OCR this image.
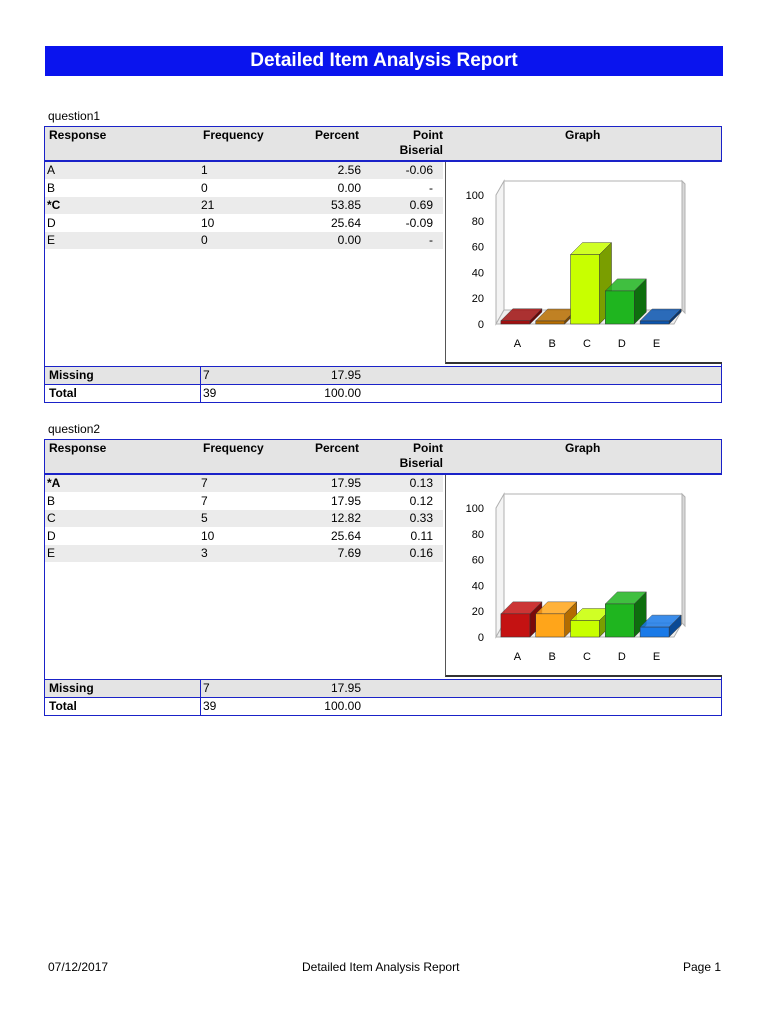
Detailed Item Analysis Report
question1
Response	Frequency	Percent	Point
Biserial
Graph
A	1	2.56	-0.06
B	0	0.00	-
*C	21	53.85	0.69
D	10	25.64	-0.09
E	0	0.00	-
0
20
40
60
80
100
A B C D E
Missing	7	17.95
Total	39	100.00
question2
Response	Frequency	Percent	Point
Biserial
Graph
*A	7	17.95	0.13
B	7	17.95	0.12
C	5	12.82	0.33
D	10	25.64	0.11
E	3	7.69	0.16
0
20
40
60
80
100
A B C D E
Missing	7	17.95
Total	39	100.00
07/12/2017	Detailed Item Analysis Report	Page 1
